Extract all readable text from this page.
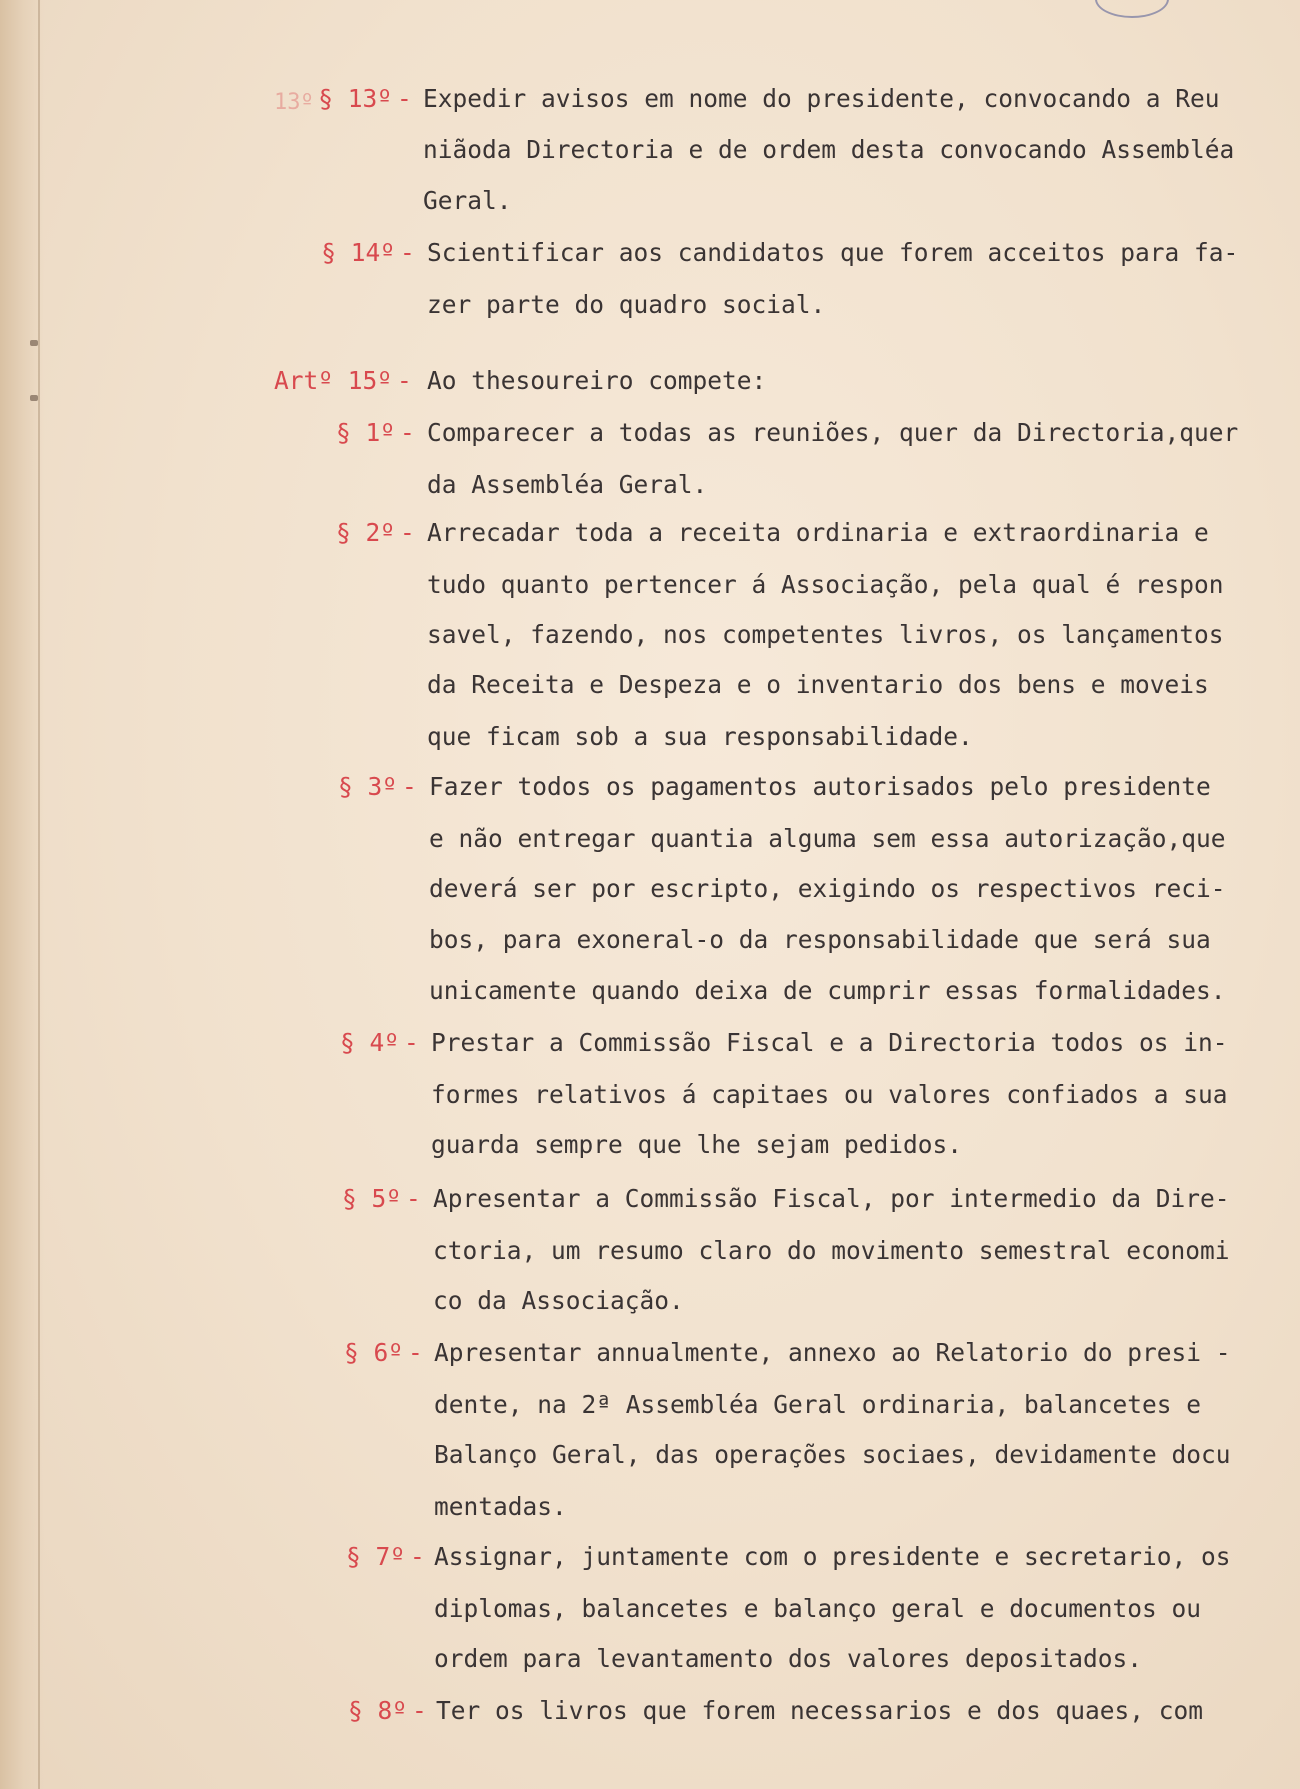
13º § 13º - Expedir avisos em nome do presidente, convocando a Reu
niãoda Directoria e de ordem desta convocando Assembléa
Geral.
§ 14º - Scientificar aos candidatos que forem acceitos para fa-
zer parte do quadro social.
Artº 15º - Ao thesoureiro compete:
§ 1º - Comparecer a todas as reuniões, quer da Directoria,quer
da Assembléa Geral.
§ 2º - Arrecadar toda a receita ordinaria e extraordinaria e
tudo quanto pertencer á Associação, pela qual é respon
savel, fazendo, nos competentes livros, os lançamentos
da Receita e Despeza e o inventario dos bens e moveis
que ficam sob a sua responsabilidade.
§ 3º - Fazer todos os pagamentos autorisados pelo presidente
e não entregar quantia alguma sem essa autorização,que
deverá ser por escripto, exigindo os respectivos reci-
bos, para exoneral-o da responsabilidade que será sua
unicamente quando deixa de cumprir essas formalidades.
§ 4º - Prestar a Commissão Fiscal e a Directoria todos os in-
formes relativos á capitaes ou valores confiados a sua
guarda sempre que lhe sejam pedidos.
§ 5º - Apresentar a Commissão Fiscal, por intermedio da Dire-
ctoria, um resumo claro do movimento semestral economi
co da Associação.
§ 6º - Apresentar annualmente, annexo ao Relatorio do presi -
dente, na 2ª Assembléa Geral ordinaria, balancetes e
Balanço Geral, das operações sociaes, devidamente docu
mentadas.
§ 7º - Assignar, juntamente com o presidente e secretario, os
diplomas, balancetes e balanço geral e documentos ou
ordem para levantamento dos valores depositados.
§ 8º - Ter os livros que forem necessarios e dos quaes, com
